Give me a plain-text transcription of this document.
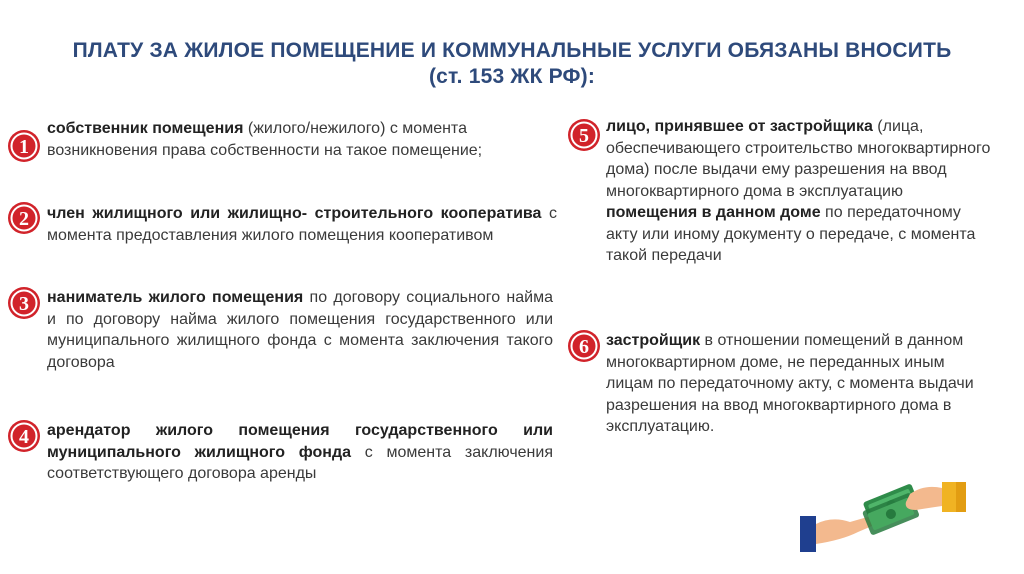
ПЛАТУ ЗА ЖИЛОЕ ПОМЕЩЕНИЕ И КОММУНАЛЬНЫЕ УСЛУГИ ОБЯЗАНЫ ВНОСИТЬ
(ст. 153 ЖК РФ):
1
2
3
4
5
6
собственник помещения (жилого/нежилого) с момента возникновения права собственности на такое помещение;
член жилищного или жилищно- строительного кооператива с момента предоставления жилого помещения кооперативом
наниматель жилого помещения по договору социального найма и по договору найма жилого помещения государственного или муниципального жилищного фонда с момента заключения такого договора
арендатор жилого помещения государственного или муниципального жилищного фонда с момента заключения соответствующего договора аренды
лицо, принявшее от застройщика (лица, обеспечивающего строительство многоквартирного дома) после выдачи ему разрешения на ввод многоквартирного дома в эксплуатацию помещения в данном доме по передаточному акту или иному документу о передаче, с момента такой передачи
застройщик в отношении помещений в данном многоквартирном доме, не переданных иным лицам по передаточному акту, с момента выдачи разрешения на ввод многоквартирного дома в эксплуатацию.
